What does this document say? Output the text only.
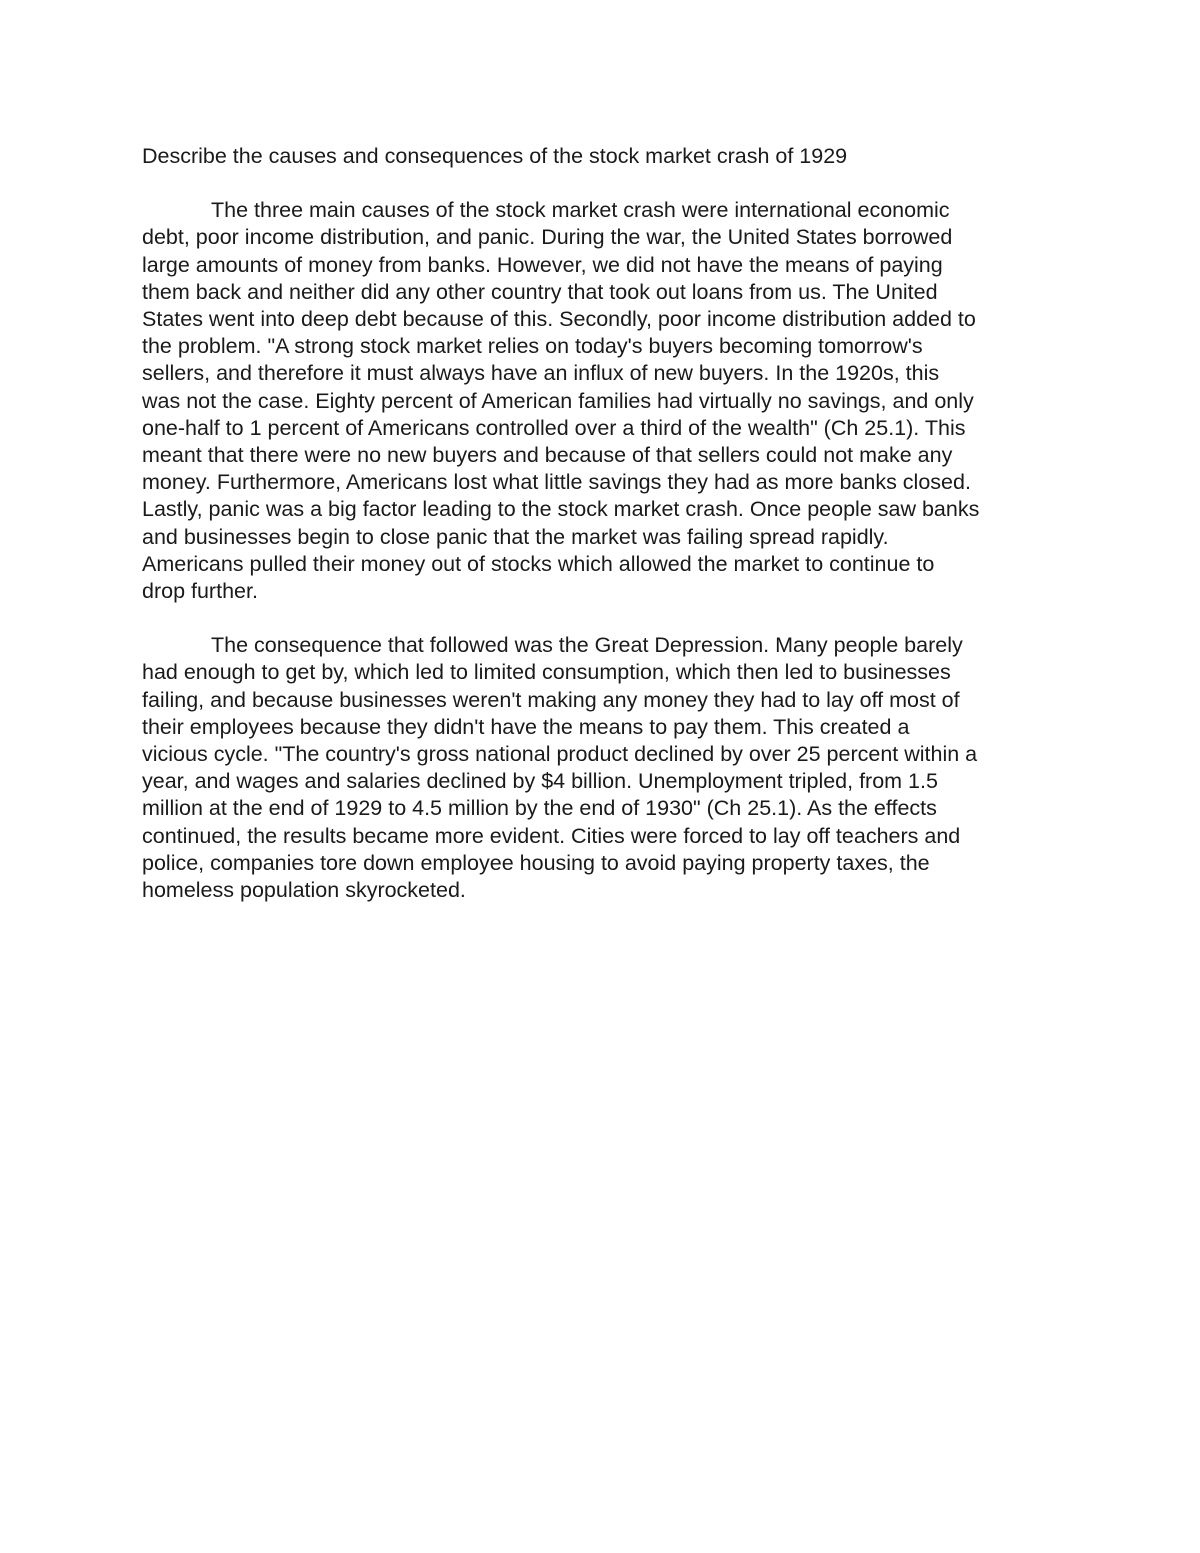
Describe the causes and consequences of the stock market crash of 1929

The three main causes of the stock market crash were international economic
debt, poor income distribution, and panic. During the war, the United States borrowed
large amounts of money from banks. However, we did not have the means of paying
them back and neither did any other country that took out loans from us. The United
States went into deep debt because of this. Secondly, poor income distribution added to
the problem. "A strong stock market relies on today's buyers becoming tomorrow's
sellers, and therefore it must always have an influx of new buyers. In the 1920s, this
was not the case. Eighty percent of American families had virtually no savings, and only
one-half to 1 percent of Americans controlled over a third of the wealth" (Ch 25.1). This
meant that there were no new buyers and because of that sellers could not make any
money. Furthermore, Americans lost what little savings they had as more banks closed.
Lastly, panic was a big factor leading to the stock market crash. Once people saw banks
and businesses begin to close panic that the market was failing spread rapidly.
Americans pulled their money out of stocks which allowed the market to continue to
drop further.

The consequence that followed was the Great Depression. Many people barely
had enough to get by, which led to limited consumption, which then led to businesses
failing, and because businesses weren't making any money they had to lay off most of
their employees because they didn't have the means to pay them. This created a
vicious cycle. "The country's gross national product declined by over 25 percent within a
year, and wages and salaries declined by $4 billion. Unemployment tripled, from 1.5
million at the end of 1929 to 4.5 million by the end of 1930" (Ch 25.1). As the effects
continued, the results became more evident. Cities were forced to lay off teachers and
police, companies tore down employee housing to avoid paying property taxes, the
homeless population skyrocketed.
